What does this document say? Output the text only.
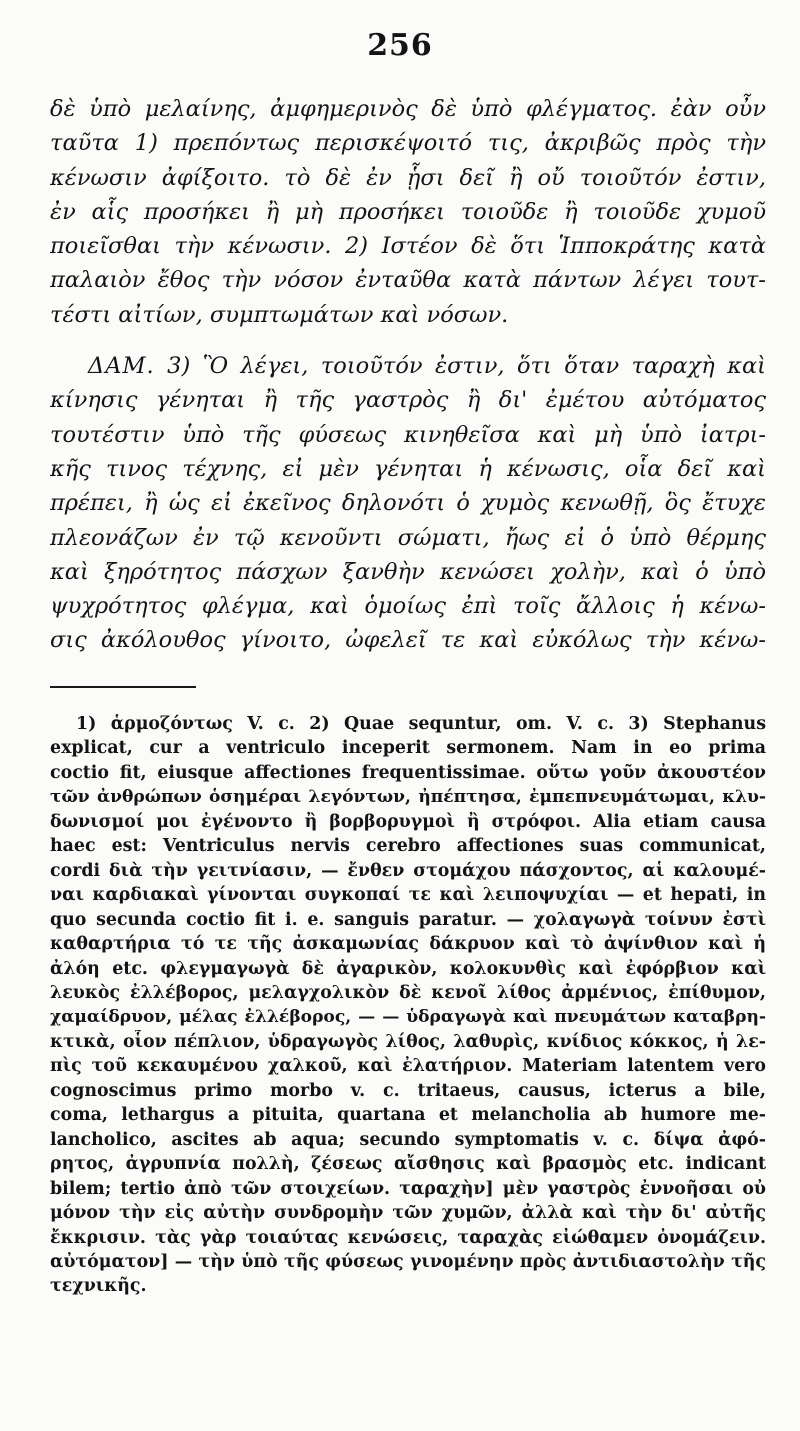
256
δὲ ὑπὸ μελαίνης, ἀμφημερινὸς δὲ ὑπὸ φλέγματος. ἐὰν οὖν
ταῦτα 1) πρεπόντως περισκέψοιτό τις, ἀκριβῶς πρὸς τὴν
κένωσιν ἀφίξοιτο. τὸ δὲ ἐν ᾗσι δεῖ ἢ οὔ τοιοῦτόν ἐστιν,
ἐν αἷς προσήκει ἢ μὴ προσήκει τοιοῦδε ἢ τοιοῦδε χυμοῦ
ποιεῖσθαι τὴν κένωσιν. 2) Ιστέον δὲ ὅτι Ἱπποκράτης κατὰ
παλαιὸν ἔθος τὴν νόσον ἐνταῦθα κατὰ πάντων λέγει τουτ-
τέστι αἰτίων, συμπτωμάτων καὶ νόσων.
ΔΑΜ. 3) Ὃ λέγει, τοιοῦτόν ἐστιν, ὅτι ὅταν ταραχὴ καὶ
κίνησις γένηται ἢ τῆς γαστρὸς ἢ δι' ἐμέτου αὐτόματος
τουτέστιν ὑπὸ τῆς φύσεως κινηθεῖσα καὶ μὴ ὑπὸ ἰατρι-
κῆς τινος τέχνης, εἰ μὲν γένηται ἡ κένωσις, οἷα δεῖ καὶ
πρέπει, ἢ ὡς εἰ ἐκεῖνος δηλονότι ὁ χυμὸς κενωθῇ, ὃς ἔτυχε
πλεονάζων ἐν τῷ κενοῦντι σώματι, ἤως εἰ ὁ ὑπὸ θέρμης
καὶ ξηρότητος πάσχων ξανθὴν κενώσει χολὴν, καὶ ὁ ὑπὸ
ψυχρότητος φλέγμα, καὶ ὁμοίως ἐπὶ τοῖς ἄλλοις ἡ κένω-
σις ἀκόλουθος γίνοιτο, ὠφελεῖ τε καὶ εὐκόλως τὴν κένω-
1) ἁρμοζόντως V. c. 2) Quae sequntur, om. V. c. 3) Stephanus
explicat, cur a ventriculo inceperit sermonem. Nam in eo prima
coctio fit, eiusque affectiones frequentissimae. οὕτω γοῦν ἀκουστέον
τῶν ἀνθρώπων ὁσημέραι λεγόντων, ἠπέπτησα, ἐμπεπνευμάτωμαι, κλυ-
δωνισμοί μοι ἐγένοντο ἢ βορβορυγμοὶ ἢ στρόφοι. Alia etiam causa
haec est: Ventriculus nervis cerebro affectiones suas communicat,
cordi διὰ τὴν γειτνίασιν, — ἔνθεν στομάχου πάσχοντος, αἱ καλουμέ-
ναι καρδιακαὶ γίνονται συγκοπαί τε καὶ λειποψυχίαι — et hepati, in
quo secunda coctio fit i. e. sanguis paratur. — χολαγωγὰ τοίνυν ἐστὶ
καθαρτήρια τό τε τῆς ἀσκαμωνίας δάκρυον καὶ τὸ ἀψίνθιον καὶ ἡ
ἀλόη etc. φλεγμαγωγὰ δὲ ἀγαρικὸν, κολοκυνθὶς καὶ ἐφόρβιον καὶ
λευκὸς ἐλλέβορος, μελαγχολικὸν δὲ κενοῖ λίθος ἀρμένιος, ἐπίθυμον,
χαμαίδρυον, μέλας ἐλλέβορος, — — ὑδραγωγὰ καὶ πνευμάτων καταβρη-
κτικὰ, οἷον πέπλιον, ὑδραγωγὸς λίθος, λαθυρὶς, κνίδιος κόκκος, ἡ λε-
πὶς τοῦ κεκαυμένου χαλκοῦ, καὶ ἐλατήριον. Materiam latentem vero
cognoscimus primo morbo v. c. tritaeus, causus, icterus a bile,
coma, lethargus a pituita, quartana et melancholia ab humore me-
lancholico, ascites ab aqua; secundo symptomatis v. c. δίψα ἀφό-
ρητος, ἀγρυπνία πολλὴ, ζέσεως αἴσθησις καὶ βρασμὸς etc. indicant
bilem; tertio ἀπὸ τῶν στοιχείων. ταραχὴν] μὲν γαστρὸς ἐννοῆσαι οὐ
μόνον τὴν εἰς αὐτὴν συνδρομὴν τῶν χυμῶν, ἀλλὰ καὶ τὴν δι' αὐτῆς
ἔκκρισιν. τὰς γὰρ τοιαύτας κενώσεις, ταραχὰς εἰώθαμεν ὀνομάζειν.
αὐτόματον] — τὴν ὑπὸ τῆς φύσεως γινομένην πρὸς ἀντιδιαστολὴν τῆς
τεχνικῆς.
